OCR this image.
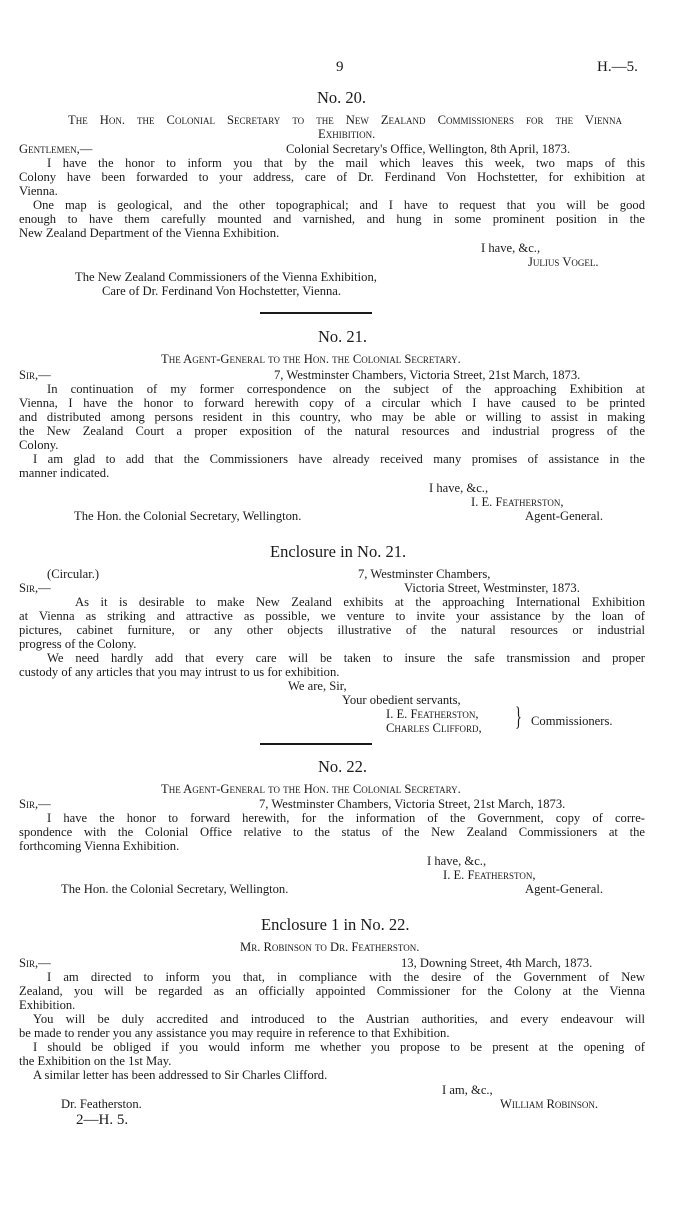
9	H.—5.
No. 20.
The Hon. the Colonial Secretary to the New Zealand Commissioners for the Vienna
Exhibition.
Gentlemen,—	Colonial Secretary's Office, Wellington, 8th April, 1873.
I have the honor to inform you that by the mail which leaves this week, two maps of this
Colony have been forwarded to your address, care of Dr. Ferdinand Von Hochstetter, for exhibition at
Vienna.
One map is geological, and the other topographical; and I have to request that you will be good
enough to have them carefully mounted and varnished, and hung in some prominent position in the
New Zealand Department of the Vienna Exhibition.
I have, &c.,
Julius Vogel.
The New Zealand Commissioners of the Vienna Exhibition,
Care of Dr. Ferdinand Von Hochstetter, Vienna.
No. 21.
The Agent-General to the Hon. the Colonial Secretary.
Sir,—	7, Westminster Chambers, Victoria Street, 21st March, 1873.
In continuation of my former correspondence on the subject of the approaching Exhibition at
Vienna, I have the honor to forward herewith copy of a circular which I have caused to be printed
and distributed among persons resident in this country, who may be able or willing to assist in making
the New Zealand Court a proper exposition of the natural resources and industrial progress of the
Colony.
I am glad to add that the Commissioners have already received many promises of assistance in the
manner indicated.
I have, &c.,
I. E. Featherston,
The Hon. the Colonial Secretary, Wellington.	Agent-General.
Enclosure in No. 21.
(Circular.)	7, Westminster Chambers,
Sir,—	Victoria Street, Westminster, 1873.
As it is desirable to make New Zealand exhibits at the approaching International Exhibition
at Vienna as striking and attractive as possible, we venture to invite your assistance by the loan of
pictures, cabinet furniture, or any other objects illustrative of the natural resources or industrial
progress of the Colony.
We need hardly add that every care will be taken to insure the safe transmission and proper
custody of any articles that you may intrust to us for exhibition.
We are, Sir,
Your obedient servants,
I. E. Featherston,
Charles Clifford, } Commissioners.
No. 22.
The Agent-General to the Hon. the Colonial Secretary.
Sir,—	7, Westminster Chambers, Victoria Street, 21st March, 1873.
I have the honor to forward herewith, for the information of the Government, copy of corre-
spondence with the Colonial Office relative to the status of the New Zealand Commissioners at the
forthcoming Vienna Exhibition.
I have, &c.,
I. E. Featherston,
The Hon. the Colonial Secretary, Wellington.	Agent-General.
Enclosure 1 in No. 22.
Mr. Robinson to Dr. Featherston.
Sir,—	13, Downing Street, 4th March, 1873.
I am directed to inform you that, in compliance with the desire of the Government of New
Zealand, you will be regarded as an officially appointed Commissioner for the Colony at the Vienna
Exhibition.
You will be duly accredited and introduced to the Austrian authorities, and every endeavour will
be made to render you any assistance you may require in reference to that Exhibition.
I should be obliged if you would inform me whether you propose to be present at the opening of
the Exhibition on the 1st May.
A similar letter has been addressed to Sir Charles Clifford.
I am, &c.,
William Robinson.
Dr. Featherston.
2—H. 5.
